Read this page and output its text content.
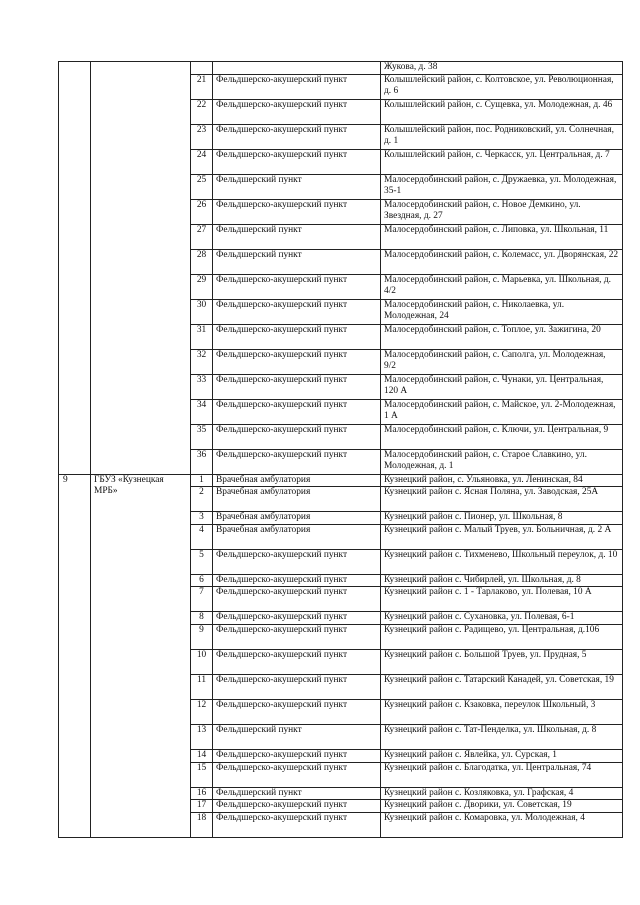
				Жукова, д. 38
		21	Фельдшерско-акушерский пункт	Колышлейский район, с. Колтовское, ул. Революционная, д. 6
		22	Фельдшерско-акушерский пункт	Колышлейский район, с. Сущевка, ул. Молодежная, д. 46
		23	Фельдшерско-акушерский пункт	Колышлейский район, пос. Родниковский, ул. Солнечная, д. 1
		24	Фельдшерско-акушерский пункт	Колышлейский район, с. Черкасск, ул. Центральная, д. 7
		25	Фельдшерский пункт	Малосердобинский район, с. Дружаевка, ул. Молодежная, 35-1
		26	Фельдшерско-акушерский пункт	Малосердобинский район, с. Новое Демкино, ул. Звездная, д. 27
		27	Фельдшерский пункт	Малосердобинский район, с. Липовка, ул. Школьная, 11
		28	Фельдшерский пункт	Малосердобинский район, с. Колемасс, ул. Дворянская, 22
		29	Фельдшерско-акушерский пункт	Малосердобинский район, с. Марьевка, ул. Школьная, д. 4/2
		30	Фельдшерско-акушерский пункт	Малосердобинский район, с. Николаевка, ул. Молодежная, 24
		31	Фельдшерско-акушерский пункт	Малосердобинский район, с. Топлое, ул. Зажигина, 20
		32	Фельдшерско-акушерский пункт	Малосердобинский район, с. Саполга, ул. Молодежная, 9/2
		33	Фельдшерско-акушерский пункт	Малосердобинский район, с. Чунаки, ул. Центральная, 120 А
		34	Фельдшерско-акушерский пункт	Малосердобинский район, с. Майское, ул. 2-Молодежная, 1 А
		35	Фельдшерско-акушерский пункт	Малосердобинский район, с. Ключи, ул. Центральная, 9
		36	Фельдшерско-акушерский пункт	Малосердобинский район, с. Старое Славкино, ул. Молодежная, д. 1
9	ГБУЗ «Кузнецкая МРБ»	1	Врачебная амбулатория	Кузнецкий район, с. Ульяновка, ул. Ленинская, 84
		2	Врачебная амбулатория	Кузнецкий район с. Ясная Поляна, ул. Заводская, 25А
		3	Врачебная амбулатория	Кузнецкий район с. Пионер, ул. Школьная, 8
		4	Врачебная амбулатория	Кузнецкий район с. Малый Труев, ул. Больничная, д. 2 А
		5	Фельдшерско-акушерский пункт	Кузнецкий район с. Тихменево, Школьный переулок, д. 10
		6	Фельдшерско-акушерский пункт	Кузнецкий район с. Чибирлей, ул. Школьная, д. 8
		7	Фельдшерско-акушерский пункт	Кузнецкий район с. 1 - Тарлаково, ул. Полевая, 10 А
		8	Фельдшерско-акушерский пункт	Кузнецкий район с. Сухановка, ул. Полевая, 6-1
		9	Фельдшерско-акушерский пункт	Кузнецкий район с. Радищево, ул. Центральная, д.106
		10	Фельдшерско-акушерский пункт	Кузнецкий район с. Большой Труев, ул. Прудная, 5
		11	Фельдшерско-акушерский пункт	Кузнецкий район с. Татарский Канадей, ул. Советская, 19
		12	Фельдшерско-акушерский пункт	Кузнецкий район с. Кзаковка, переулок Школьный, 3
		13	Фельдшерский пункт	Кузнецкий район с. Тат-Пенделка, ул. Школьная, д. 8
		14	Фельдшерско-акушерский пункт	Кузнецкий район с. Явлейка, ул. Сурская, 1
		15	Фельдшерско-акушерский пункт	Кузнецкий район с. Благодатка, ул. Центральная, 74
		16	Фельдшерский пункт	Кузнецкий район с. Козляковка, ул. Графская, 4
		17	Фельдшерско-акушерский пункт	Кузнецкий район с. Дворики, ул. Советская, 19
		18	Фельдшерско-акушерский пункт	Кузнецкий район с. Комаровка, ул. Молодежная, 4
